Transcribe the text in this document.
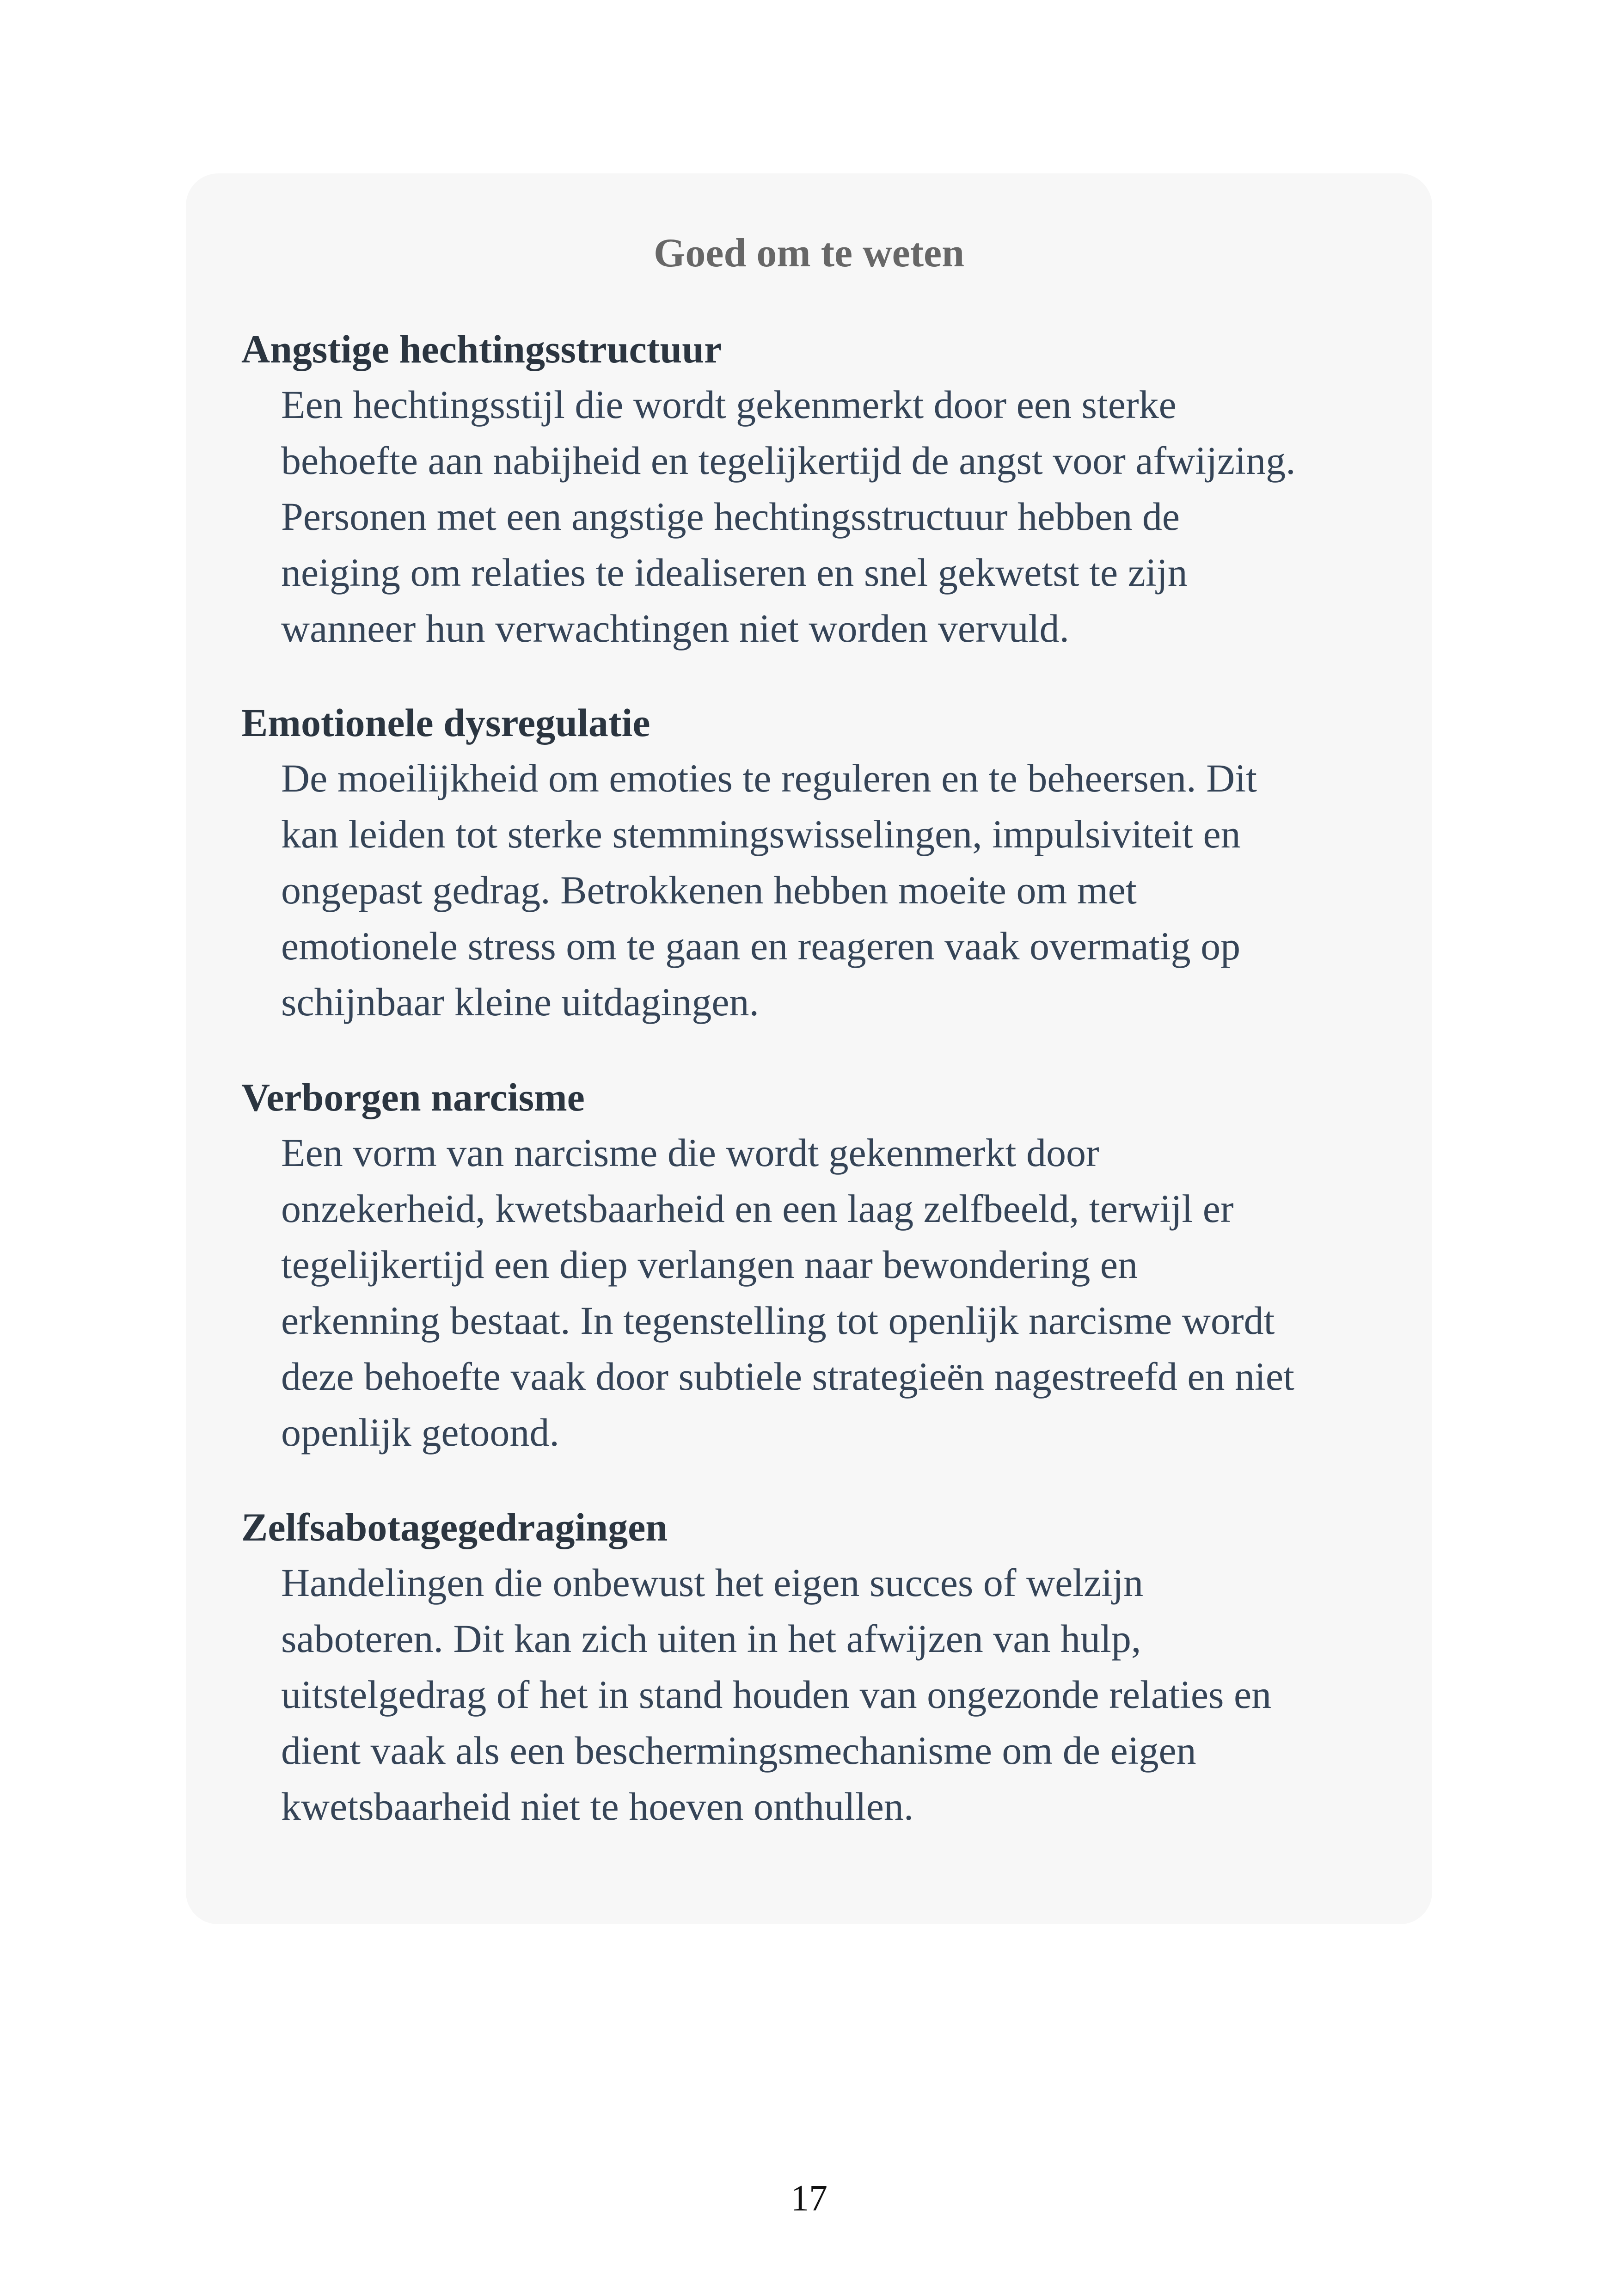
Goed om te weten
Angstige hechtingsstructuur
Een hechtingsstijl die wordt gekenmerkt door een sterke
behoefte aan nabijheid en tegelijkertijd de angst voor afwijzing.
Personen met een angstige hechtingsstructuur hebben de
neiging om relaties te idealiseren en snel gekwetst te zijn
wanneer hun verwachtingen niet worden vervuld.
Emotionele dysregulatie
De moeilijkheid om emoties te reguleren en te beheersen. Dit
kan leiden tot sterke stemmingswisselingen, impulsiviteit en
ongepast gedrag. Betrokkenen hebben moeite om met
emotionele stress om te gaan en reageren vaak overmatig op
schijnbaar kleine uitdagingen.
Verborgen narcisme
Een vorm van narcisme die wordt gekenmerkt door
onzekerheid, kwetsbaarheid en een laag zelfbeeld, terwijl er
tegelijkertijd een diep verlangen naar bewondering en
erkenning bestaat. In tegenstelling tot openlijk narcisme wordt
deze behoefte vaak door subtiele strategieën nagestreefd en niet
openlijk getoond.
Zelfsabotagegedragingen
Handelingen die onbewust het eigen succes of welzijn
saboteren. Dit kan zich uiten in het afwijzen van hulp,
uitstelgedrag of het in stand houden van ongezonde relaties en
dient vaak als een beschermingsmechanisme om de eigen
kwetsbaarheid niet te hoeven onthullen.
17
